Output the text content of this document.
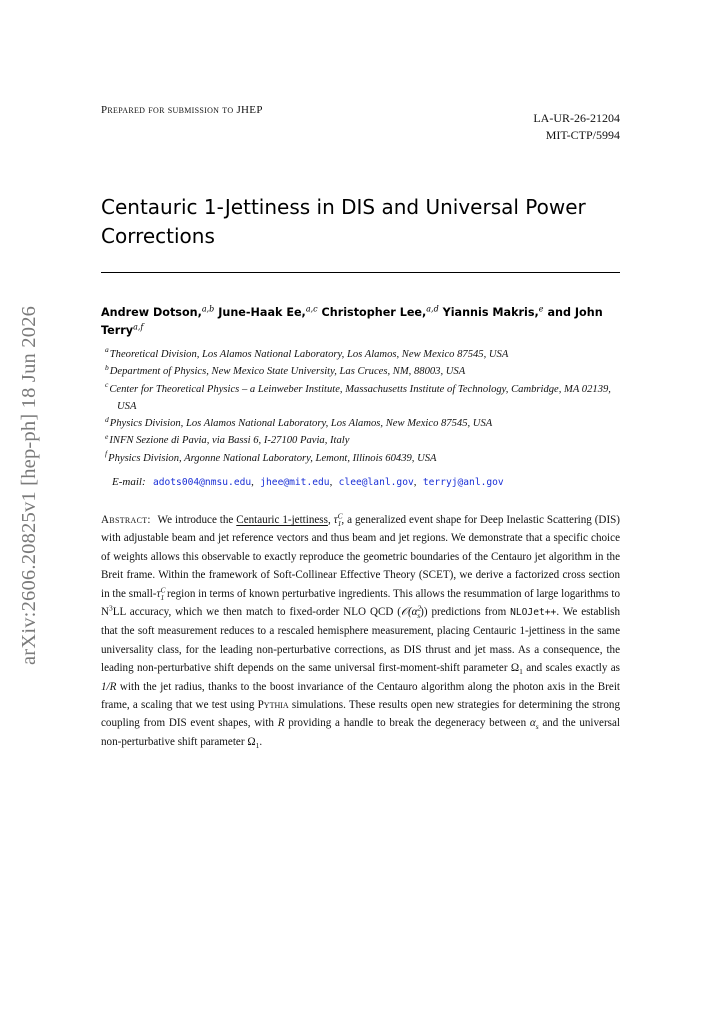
arXiv:2606.20825v1 [hep-ph] 18 Jun 2026
Prepared for submission to JHEP
LA-UR-26-21204
MIT-CTP/5994
Centauric 1-Jettiness in DIS and Universal Power Corrections
Andrew Dotson,$^{a,b}$ June-Haak Ee,$^{a,c}$ Christopher Lee,$^{a,d}$ Yiannis Makris,$^e$ and John Terry$^{a,f}$
$^a$Theoretical Division, Los Alamos National Laboratory, Los Alamos, New Mexico 87545, USA
$^b$Department of Physics, New Mexico State University, Las Cruces, NM, 88003, USA
$^c$Center for Theoretical Physics – a Leinweber Institute, Massachusetts Institute of Technology, Cambridge, MA 02139, USA
$^d$Physics Division, Los Alamos National Laboratory, Los Alamos, New Mexico 87545, USA
$^e$INFN Sezione di Pavia, via Bassi 6, I-27100 Pavia, Italy
$^f$Physics Division, Argonne National Laboratory, Lemont, Illinois 60439, USA
E-mail: adots004@nmsu.edu, jhee@mit.edu, clee@lanl.gov, terryj@anl.gov
Abstract: We introduce the Centauric 1-jettiness, $\tau^C_1$, a generalized event shape for Deep Inelastic Scattering (DIS) with adjustable beam and jet reference vectors and thus beam and jet regions. We demonstrate that a specific choice of weights allows this observable to exactly reproduce the geometric boundaries of the Centauro jet algorithm in the Breit frame. Within the framework of Soft-Collinear Effective Theory (SCET), we derive a factorized cross section in the small-$\tau^C_1$ region in terms of known perturbative ingredients. This allows the resummation of large logarithms to $N^3LL$ accuracy, which we then match to fixed-order NLO QCD $(𝒪(\alpha^2_s))$ predictions from NLOJet++. We establish that the soft measurement reduces to a rescaled hemisphere measurement, placing Centauric 1-jettiness in the same universality class, for the leading non-perturbative corrections, as DIS thrust and jet mass. As a consequence, the leading non-perturbative shift depends on the same universal first-moment-shift parameter $\Omega_1$ and scales exactly as 1/R with the jet radius, thanks to the boost invariance of the Centauro algorithm along the photon axis in the Breit frame, a scaling that we test using Pythia simulations. These results open new strategies for determining the strong coupling from DIS event shapes, with R providing a handle to break the degeneracy between $\alpha_s$ and the universal non-perturbative shift parameter $\Omega_1$.
